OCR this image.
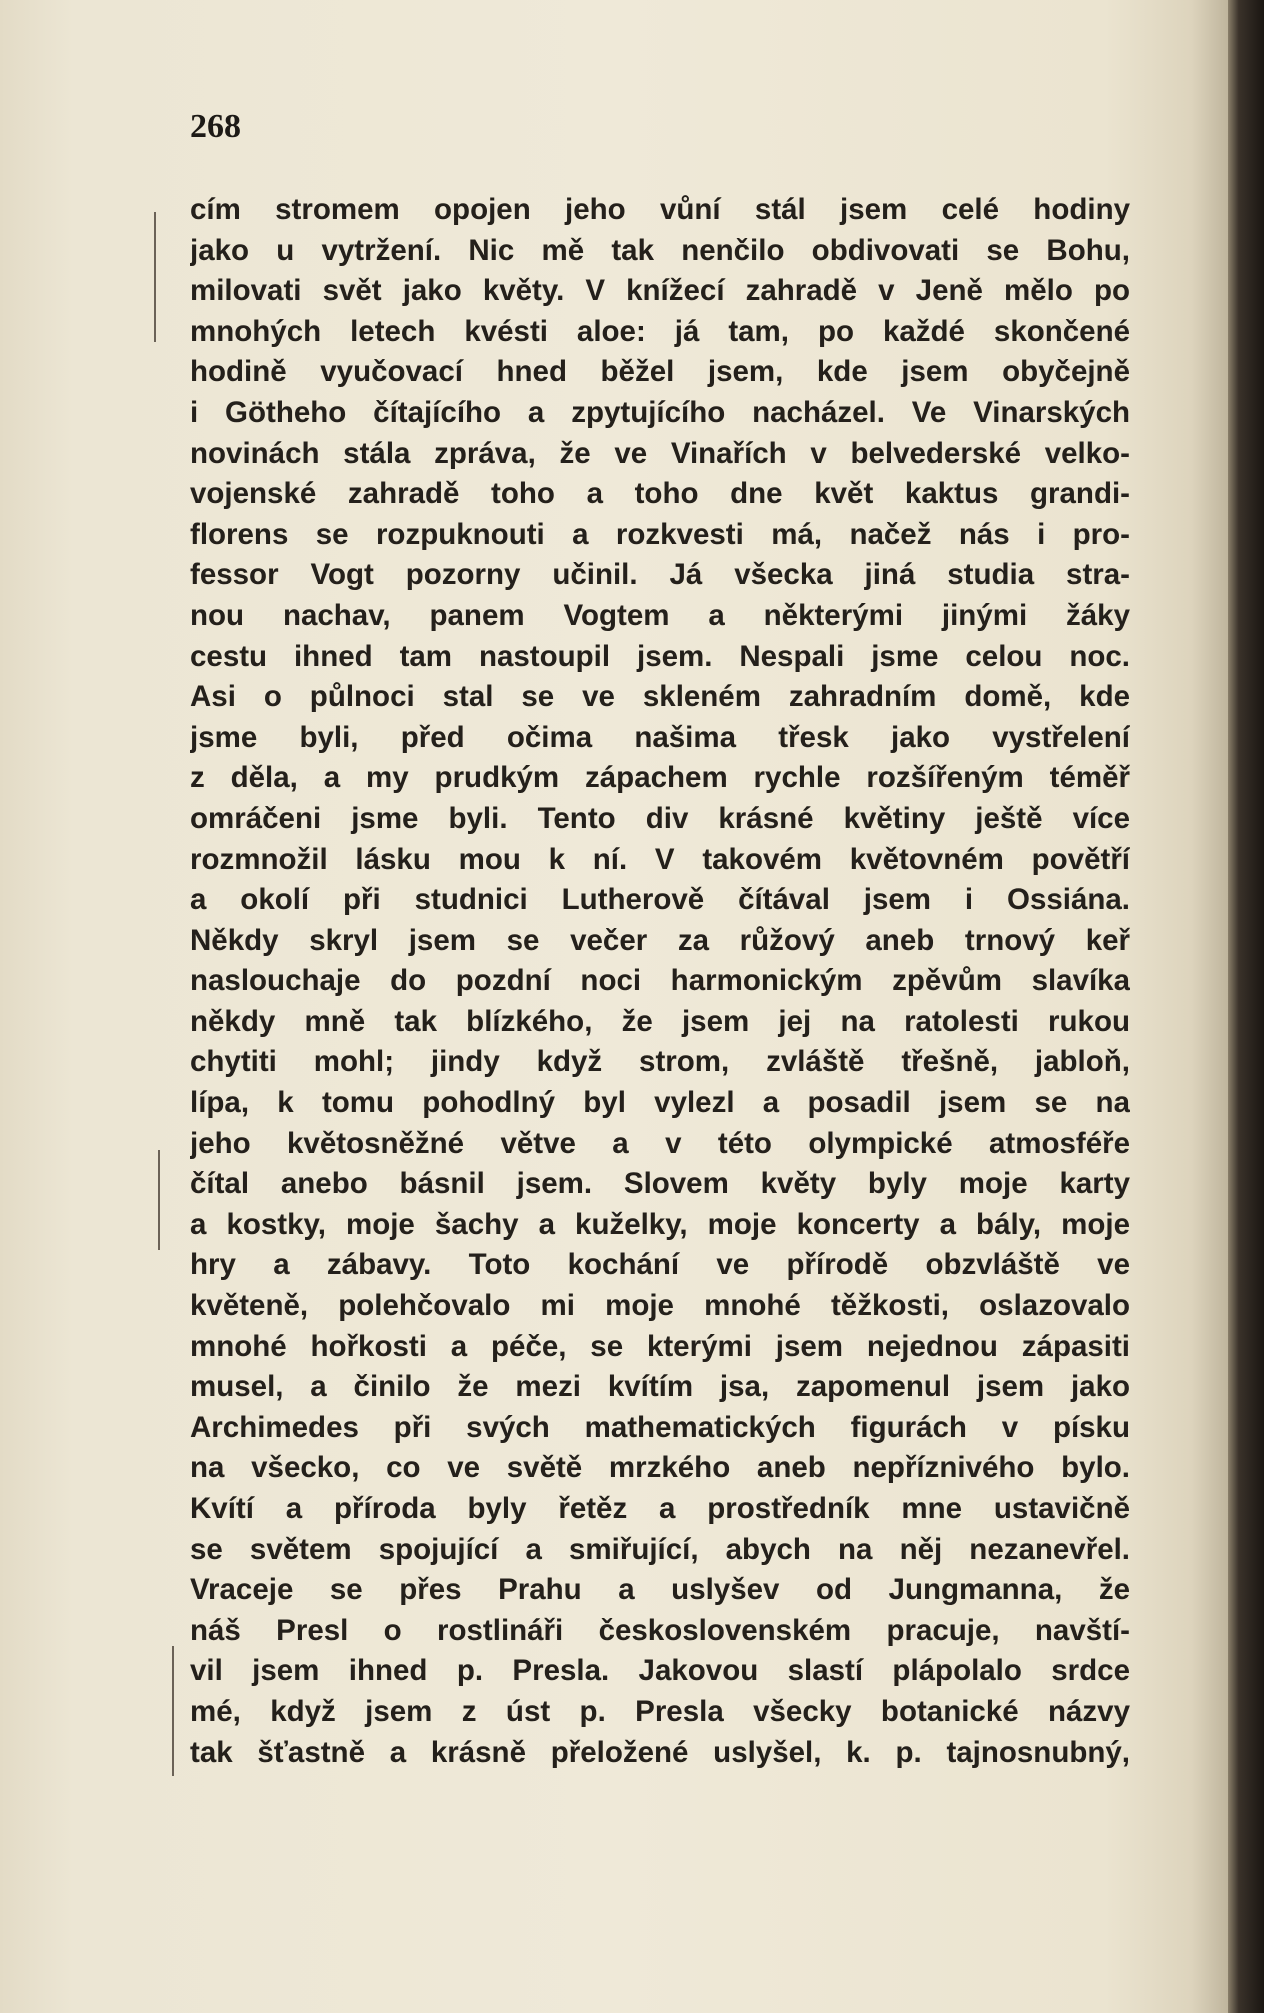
268
cím stromem opojen jeho vůní stál jsem celé hodiny
jako u vytržení. Nic mě tak nenčilo obdivovati se Bohu,
milovati svět jako květy. V knížecí zahradě v Jeně mělo po
mnohých letech kvésti aloe: já tam, po každé skončené
hodině vyučovací hned běžel jsem, kde jsem obyčejně
i Götheho čítajícího a zpytujícího nacházel. Ve Vinarských
novinách stála zpráva, že ve Vinařích v belvederské velko-
vojenské zahradě toho a toho dne květ kaktus grandi-
florens se rozpuknouti a rozkvesti má, načež nás i pro-
fessor Vogt pozorny učinil. Já všecka jiná studia stra-
nou nachav, panem Vogtem a některými jinými žáky
cestu ihned tam nastoupil jsem. Nespali jsme celou noc.
Asi o půlnoci stal se ve skleném zahradním domě, kde
jsme byli, před očima našima třesk jako vystřelení
z děla, a my prudkým zápachem rychle rozšířeným téměř
omráčeni jsme byli. Tento div krásné květiny ještě více
rozmnožil lásku mou k ní. V takovém květovném povětří
a okolí při studnici Lutherově čítával jsem i Ossiána.
Někdy skryl jsem se večer za růžový aneb trnový keř
naslouchaje do pozdní noci harmonickým zpěvům slavíka
někdy mně tak blízkého, že jsem jej na ratolesti rukou
chytiti mohl; jindy když strom, zvláště třešně, jabloň,
lípa, k tomu pohodlný byl vylezl a posadil jsem se na
jeho květosněžné větve a v této olympické atmosféře
čítal anebo básnil jsem. Slovem květy byly moje karty
a kostky, moje šachy a kuželky, moje koncerty a bály, moje
hry a zábavy. Toto kochání ve přírodě obzvláště ve
květeně, polehčovalo mi moje mnohé těžkosti, oslazovalo
mnohé hořkosti a péče, se kterými jsem nejednou zápasiti
musel, a činilo že mezi kvítím jsa, zapomenul jsem jako
Archimedes při svých mathematických figurách v písku
na všecko, co ve světě mrzkého aneb nepříznivého bylo.
Kvítí a příroda byly řetěz a prostředník mne ustavičně
se světem spojující a smiřující, abych na něj nezanevřel.
Vraceje se přes Prahu a uslyšev od Jungmanna, že
náš Presl o rostlináři československém pracuje, navští-
vil jsem ihned p. Presla. Jakovou slastí plápolalo srdce
mé, když jsem z úst p. Presla všecky botanické názvy
tak šťastně a krásně přeložené uslyšel, k. p. tajnosnubný,
